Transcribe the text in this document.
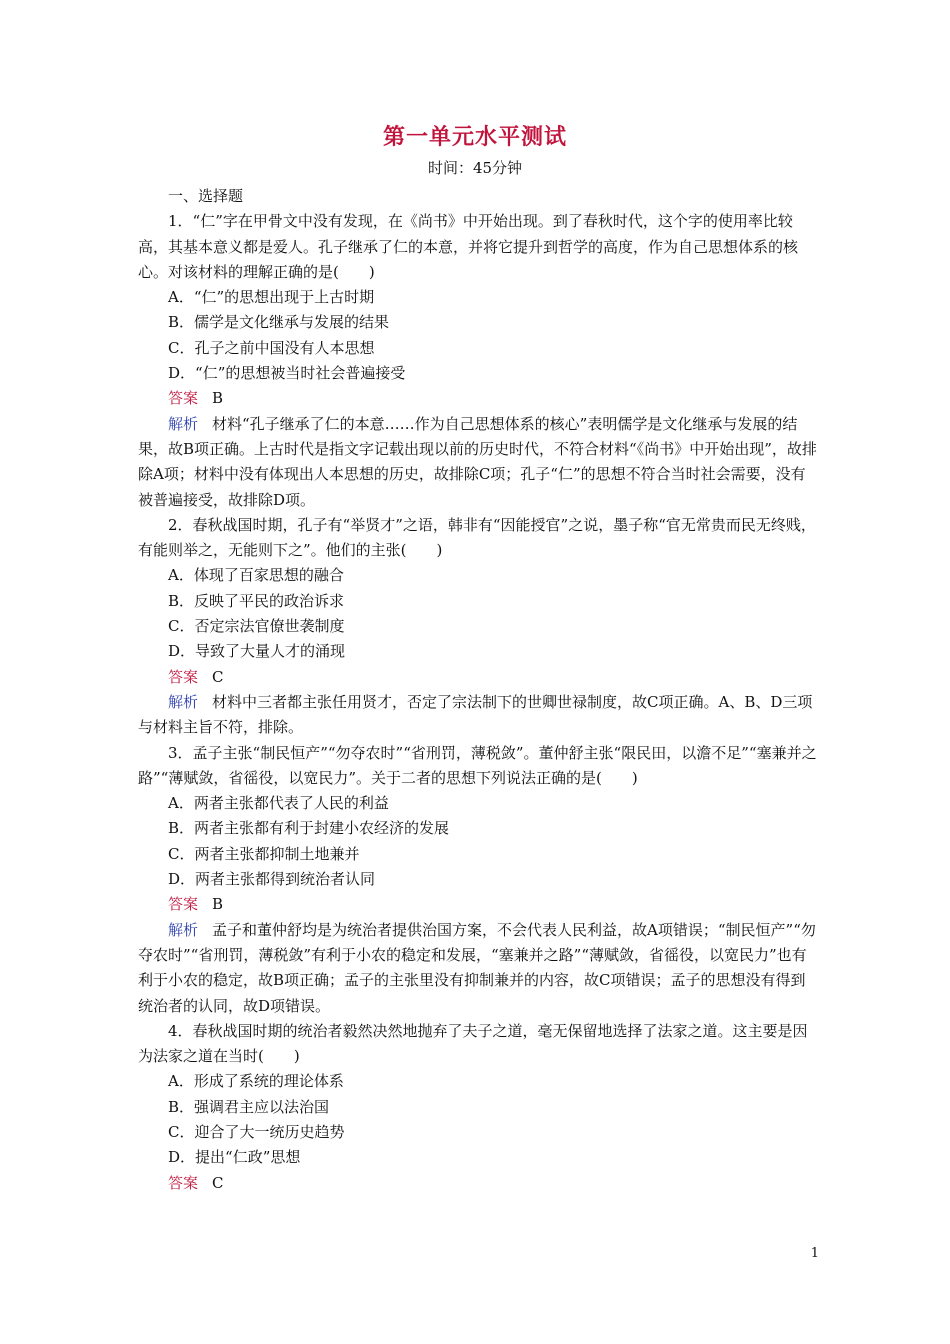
第一单元水平测试
时间：45分钟

一、选择题

1．“仁”字在甲骨文中没有发现，在《尚书》中开始出现。到了春秋时代，这个字的使用率比较高，其基本意义都是爱人。孔子继承了仁的本意，并将它提升到哲学的高度，作为自己思想体系的核心。对该材料的理解正确的是(　　)

A．“仁”的思想出现于上古时期

B．儒学是文化继承与发展的结果

C．孔子之前中国没有人本思想

D．“仁”的思想被当时社会普遍接受

答案 B

解析 材料“孔子继承了仁的本意……作为自己思想体系的核心”表明儒学是文化继承与发展的结果，故B项正确。上古时代是指文字记载出现以前的历史时代，不符合材料“《尚书》中开始出现”，故排除A项；材料中没有体现出人本思想的历史，故排除C项；孔子“仁”的思想不符合当时社会需要，没有被普遍接受，故排除D项。

2．春秋战国时期，孔子有“举贤才”之语，韩非有“因能授官”之说，墨子称“官无常贵而民无终贱，有能则举之，无能则下之”。他们的主张(　　)

A．体现了百家思想的融合

B．反映了平民的政治诉求

C．否定宗法官僚世袭制度

D．导致了大量人才的涌现

答案 C

解析 材料中三者都主张任用贤才，否定了宗法制下的世卿世禄制度，故C项正确。A、B、D三项与材料主旨不符，排除。

3．孟子主张“制民恒产”“勿夺农时”“省刑罚，薄税敛”。董仲舒主张“限民田，以澹不足”“塞兼并之路”“薄赋敛，省徭役，以宽民力”。关于二者的思想下列说法正确的是(　　)

A．两者主张都代表了人民的利益

B．两者主张都有利于封建小农经济的发展

C．两者主张都抑制土地兼并

D．两者主张都得到统治者认同

答案 B

解析 孟子和董仲舒均是为统治者提供治国方案，不会代表人民利益，故A项错误；“制民恒产”“勿夺农时”“省刑罚，薄税敛”有利于小农的稳定和发展，“塞兼并之路”“薄赋敛，省徭役，以宽民力”也有利于小农的稳定，故B项正确；孟子的主张里没有抑制兼并的内容，故C项错误；孟子的思想没有得到统治者的认同，故D项错误。

4．春秋战国时期的统治者毅然决然地抛弃了夫子之道，毫无保留地选择了法家之道。这主要是因为法家之道在当时(　　)

A．形成了系统的理论体系

B．强调君主应以法治国

C．迎合了大一统历史趋势

D．提出“仁政”思想

答案 C

1
